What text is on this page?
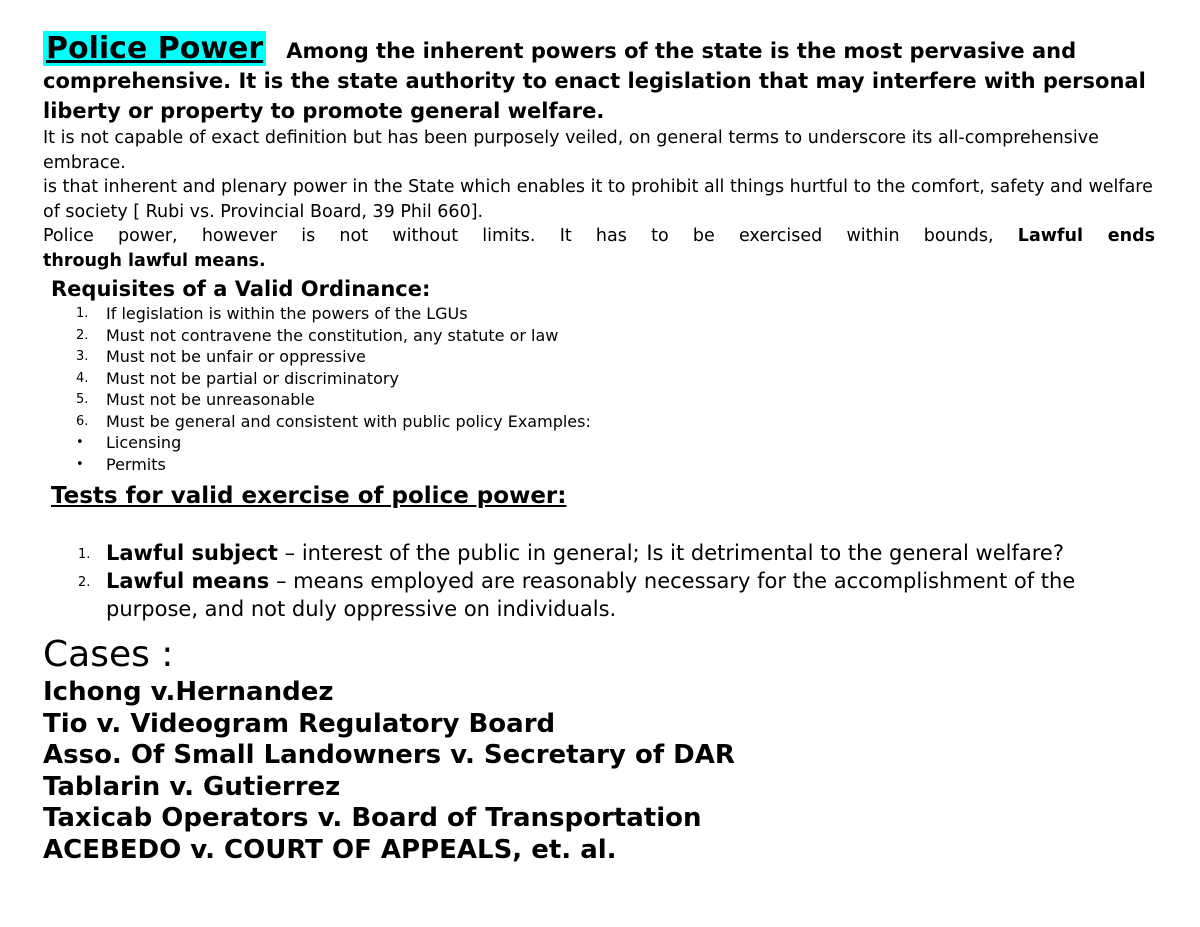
Police Power Among the inherent powers of the state is the most pervasive and comprehensive. It is the state authority to enact legislation that may interfere with personal liberty or property to promote general welfare.

It is not capable of exact definition but has been purposely veiled, on general terms to underscore its all-comprehensive embrace.

is that inherent and plenary power in the State which enables it to prohibit all things hurtful to the comfort, safety and welfare of society [ Rubi vs. Provincial Board, 39 Phil 660].

Police power, however is not without limits. It has to be exercised within bounds, Lawful ends

through lawful means.

Requisites of a Valid Ordinance:
1. If legislation is within the powers of the LGUs
2. Must not contravene the constitution, any statute or law
3. Must not be unfair or oppressive
4. Must not be partial or discriminatory
5. Must not be unreasonable
6. Must be general and consistent with public policy Examples:
• Licensing
• Permits
Tests for valid exercise of police power:
1. Lawful subject – interest of the public in general; Is it detrimental to the general welfare?
2. Lawful means – means employed are reasonably necessary for the accomplishment of the purpose, and not duly oppressive on individuals.
Cases :
Ichong v.Hernandez
Tio v. Videogram Regulatory Board
Asso. Of Small Landowners v. Secretary of DAR
Tablarin v. Gutierrez
Taxicab Operators v. Board of Transportation
ACEBEDO v. COURT OF APPEALS, et. al.
